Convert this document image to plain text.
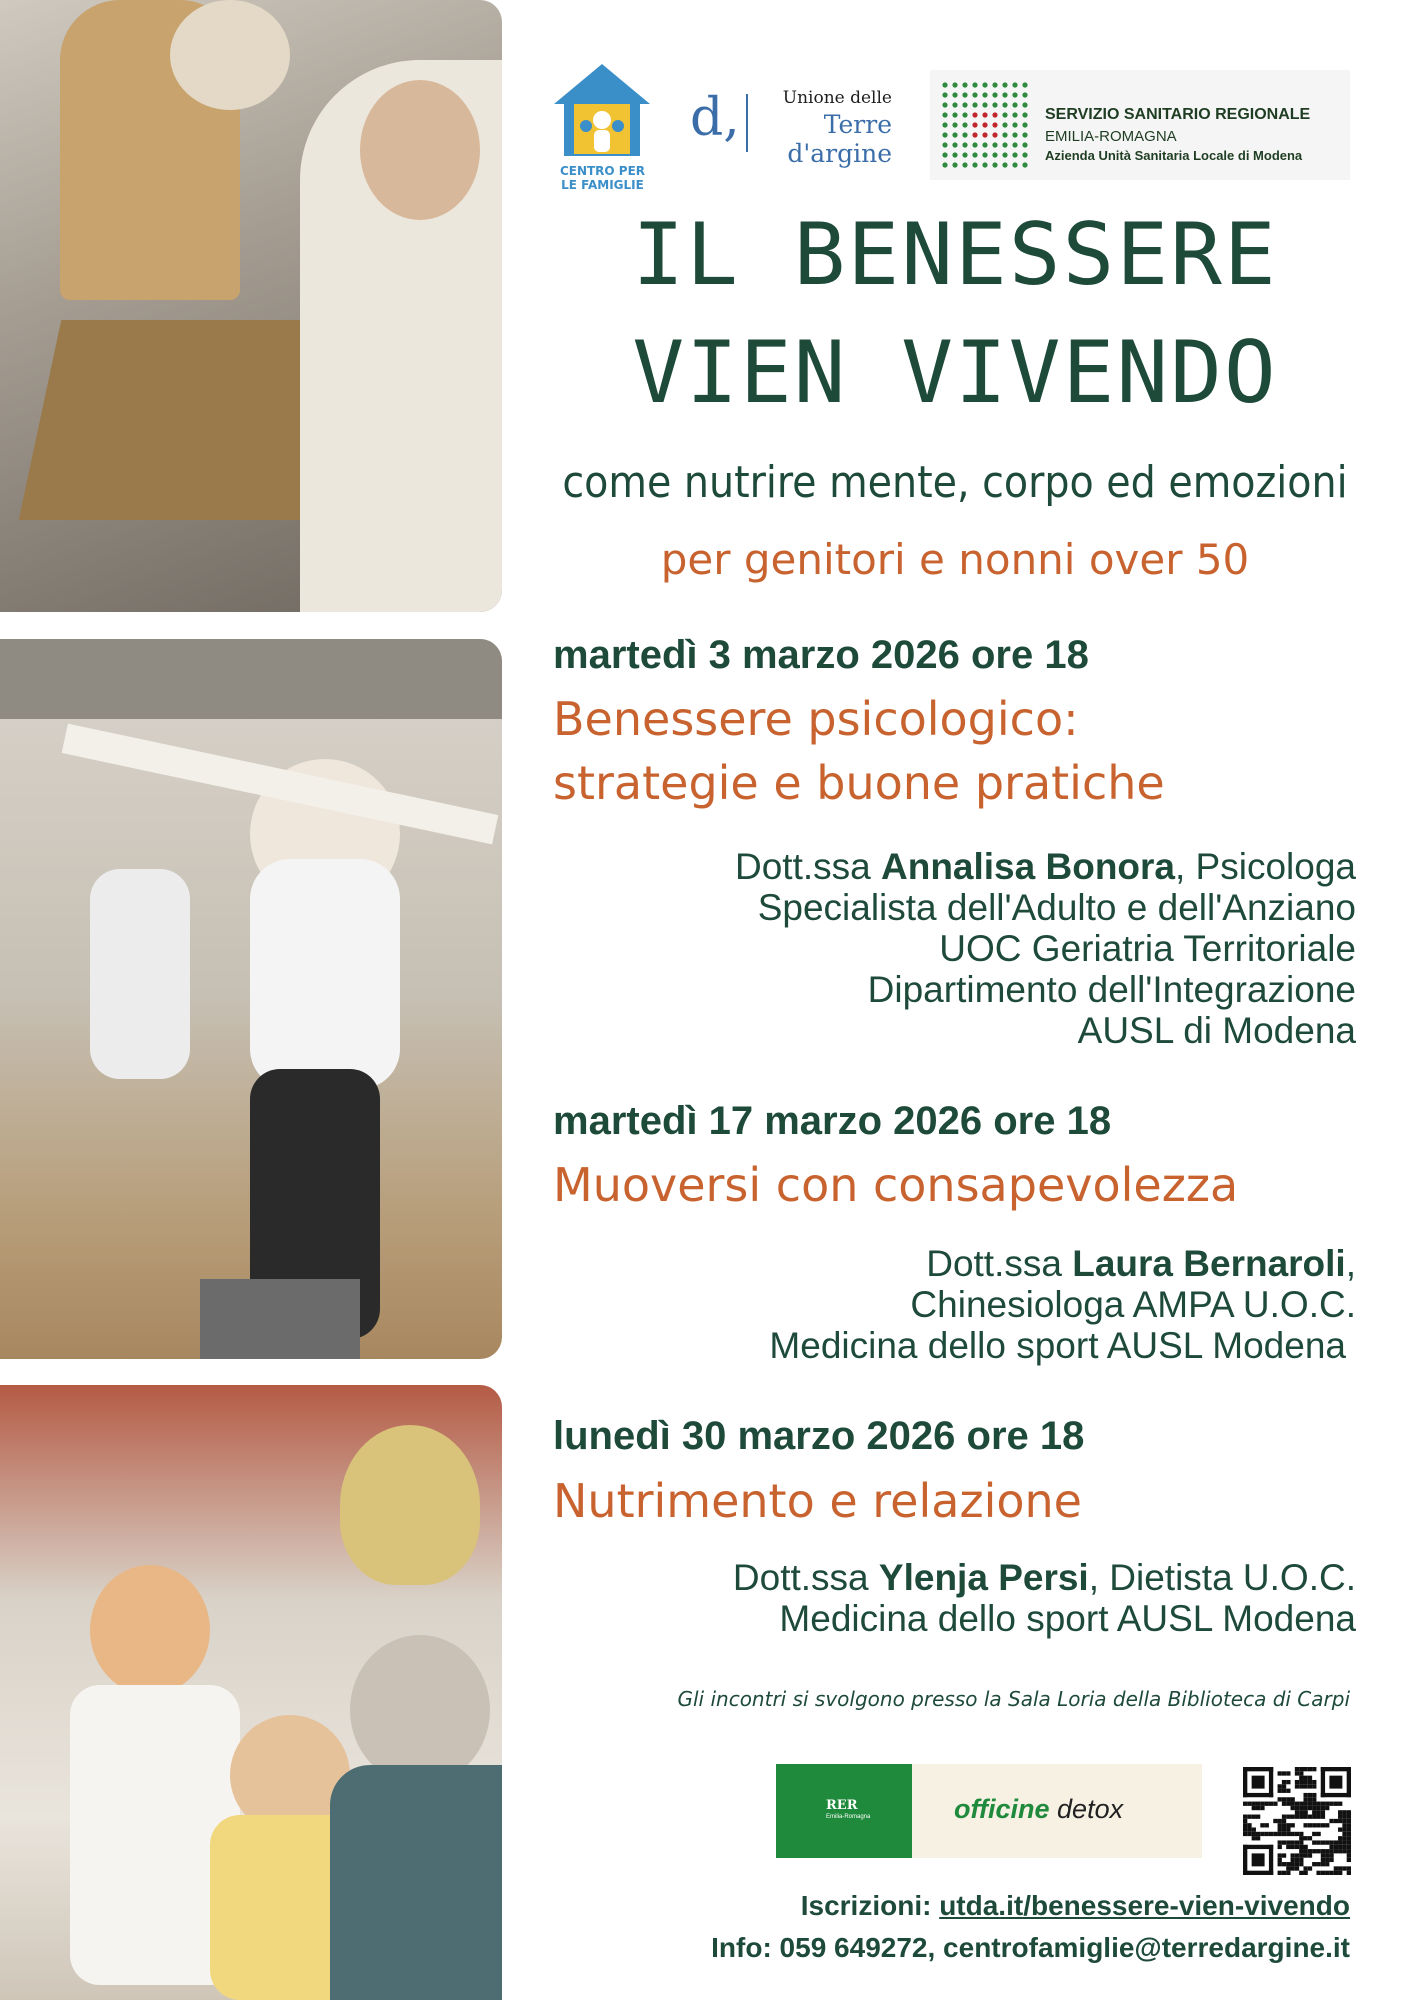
CENTRO PER LE FAMIGLIE
d,	Unione delle
Terre d'argine
SERVIZIO SANITARIO REGIONALE
EMILIA-ROMAGNA
Azienda Unità Sanitaria Locale di Modena
IL BENESSERE
VIEN VIVENDO
come nutrire mente, corpo ed emozioni
per genitori e nonni over 50
martedì 3 marzo 2026 ore 18
Benessere psicologico:
strategie e buone pratiche
Dott.ssa Annalisa Bonora, Psicologa
Specialista dell'Adulto e dell'Anziano
UOC Geriatria Territoriale
Dipartimento dell'Integrazione
AUSL di Modena
martedì 17 marzo 2026 ore 18
Muoversi con consapevolezza
Dott.ssa Laura Bernaroli,
Chinesiologa AMPA U.O.C.
Medicina dello sport AUSL Modena
lunedì 30 marzo 2026 ore 18
Nutrimento e relazione
Dott.ssa Ylenja Persi, Dietista U.O.C.
Medicina dello sport AUSL Modena
Gli incontri si svolgono presso la Sala Loria della Biblioteca di Carpi
RER
Emilia-Romagna	officine detox
Iscrizioni: utda.it/benessere-vien-vivendo
Info: 059 649272, centrofamiglie@terredargine.it
